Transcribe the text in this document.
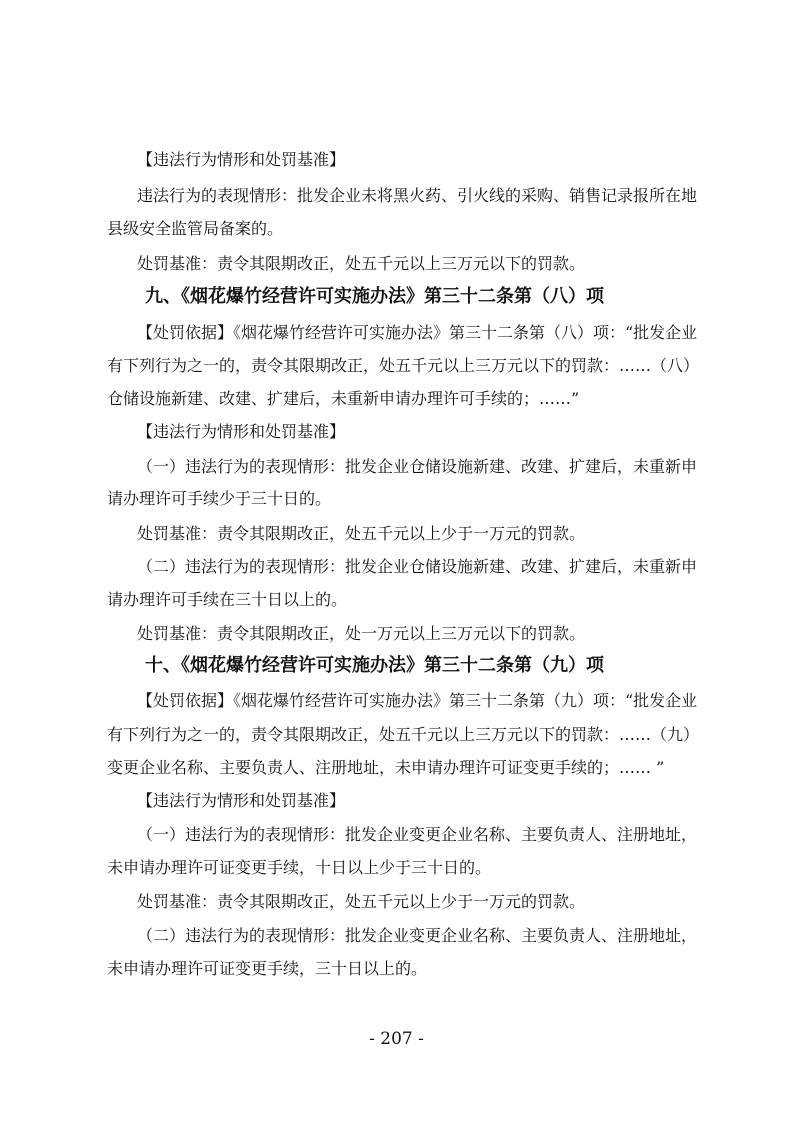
【违法行为情形和处罚基准】
违法行为的表现情形：批发企业未将黑火药、引火线的采购、销售记录报所在地
县级安全监管局备案的。
处罚基准：责令其限期改正，处五千元以上三万元以下的罚款。
九、《烟花爆竹经营许可实施办法》第三十二条第（八）项
【处罚依据】《烟花爆竹经营许可实施办法》第三十二条第（八）项：“批发企业
有下列行为之一的，责令其限期改正，处五千元以上三万元以下的罚款：……（八）
仓储设施新建、改建、扩建后，未重新申请办理许可手续的；……”
【违法行为情形和处罚基准】
（一）违法行为的表现情形：批发企业仓储设施新建、改建、扩建后，未重新申
请办理许可手续少于三十日的。
处罚基准：责令其限期改正，处五千元以上少于一万元的罚款。
（二）违法行为的表现情形：批发企业仓储设施新建、改建、扩建后，未重新申
请办理许可手续在三十日以上的。
处罚基准：责令其限期改正，处一万元以上三万元以下的罚款。
十、《烟花爆竹经营许可实施办法》第三十二条第（九）项
【处罚依据】《烟花爆竹经营许可实施办法》第三十二条第（九）项：“批发企业
有下列行为之一的，责令其限期改正，处五千元以上三万元以下的罚款：……（九）
变更企业名称、主要负责人、注册地址，未申请办理许可证变更手续的；…… ”
【违法行为情形和处罚基准】
（一）违法行为的表现情形：批发企业变更企业名称、主要负责人、注册地址，
未申请办理许可证变更手续，十日以上少于三十日的。
处罚基准：责令其限期改正，处五千元以上少于一万元的罚款。
（二）违法行为的表现情形：批发企业变更企业名称、主要负责人、注册地址，
未申请办理许可证变更手续，三十日以上的。
- 207 -
